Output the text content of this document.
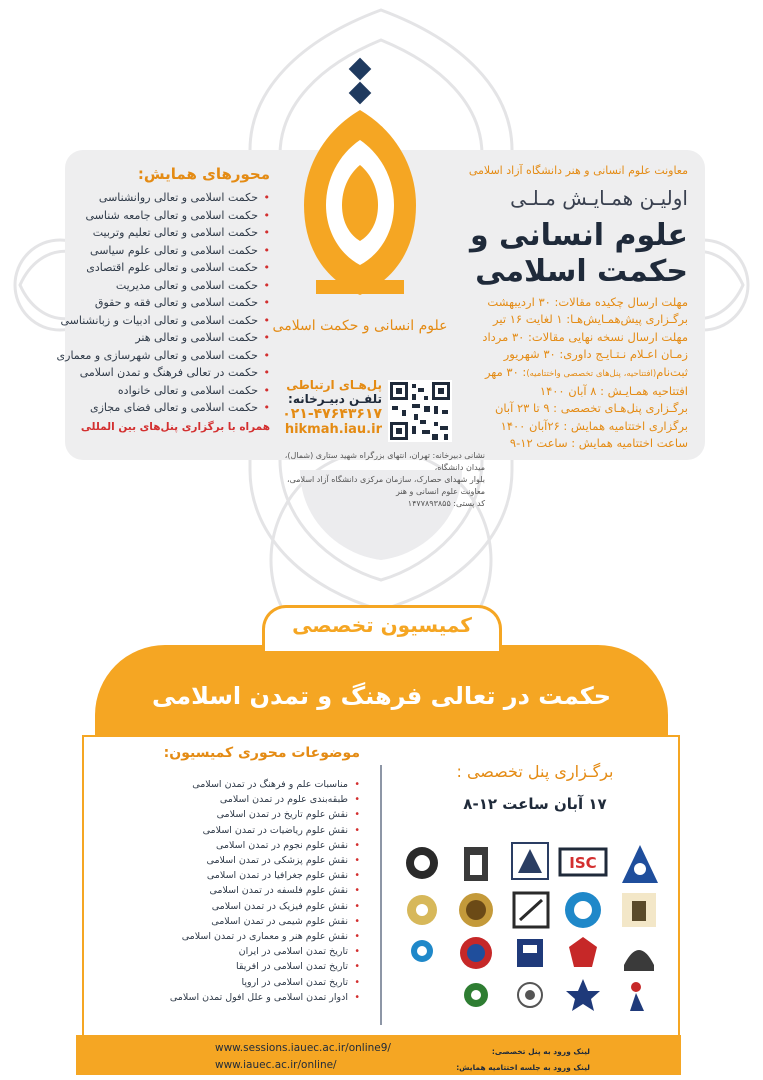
علوم انسانی و حکمت اسلامی
معاونت علوم انسانی و هنر دانشگاه آزاد اسلامی
اولیـن همـایـش مـلـی
علوم انسانی و
حکمت اسلامی
مهلت ارسال چکیده مقالات: ۳۰ اردیبهشت
برگـزاری پیش‌همـایش‌هـا: ۱ لغایت ۱۶ تیر
مهلت ارسال نسخه نهایی مقالات: ۳۰ مرداد
زمـان اعـلام نـتـایـج داوری: ۳۰ شهریور
ثبت‌نام(افتتاحیه، پنل‌های تخصصی واختتامیه): ۳۰ مهر
افتتاحیه همـایـش : ۸ آبان ۱۴۰۰
برگـزاری پنل‌هـای تخصصی : ۹ تا ۲۳ آبان
برگزاری اختتامیه همایش : ۲۶آبان ۱۴۰۰
ساعت اختتامیه همایش : ساعت ۱۲-۹
محورهای همایش:
• حکمت اسلامی و تعالی روانشناسی
• حکمت اسلامی و تعالی جامعه شناسی
• حکمت اسلامی و تعالی تعلیم وتربیت
• حکمت اسلامی و تعالی علوم سیاسی
• حکمت اسلامی و تعالی علوم اقتصادی
• حکمت اسلامی و تعالی مدیریت
• حکمت اسلامی و تعالی فقه و حقوق
• حکمت اسلامی و تعالی ادبیات و زبانشناسی
• حکمت اسلامی و تعالی هنر
• حکمت اسلامی و تعالی شهرسازی و معماری
• حکمت در تعالی فرهنگ و تمدن اسلامی
• حکمت اسلامی و تعالی خانواده
• حکمت اسلامی و تعالی فضای مجازی
همراه با برگزاری پنل‌های بین المللی
پل‌هـای ارتباطی
تلفـن دبیـرخانه:
۰۲۱-۴۷۶۴۳۶۱۷
hikmah.iau.ir
نشانی دبیرخانه: تهران، انتهای بزرگراه شهید ستاری (شمال)، میدان دانشگاه،
بلوار شهدای حصارک، سازمان مرکزی دانشگاه آزاد اسلامی،
معاونت علوم انسانی و هنر
کد پستی: ۱۴۷۷۸۹۳۸۵۵
کمیسیون تخصصی
حکمت در تعالی فرهنگ و تمدن اسلامی
موضوعات محوری کمیسیون:
• مناسبات علم و فرهنگ در تمدن اسلامی
• طبقه‌بندی علوم در تمدن اسلامی
• نقش علوم تاریخ در تمدن اسلامی
• نقش علوم ریاضیات در تمدن اسلامی
• نقش علوم نجوم در تمدن اسلامی
• نقش علوم پزشکی در تمدن اسلامی
• نقش علوم جغرافیا در تمدن اسلامی
• نقش علوم فلسفه در تمدن اسلامی
• نقش علوم فیزیک در تمدن اسلامی
• نقش علوم شیمی در تمدن اسلامی
• نقش علوم هنر و معماری در تمدن اسلامی
• تاریخ تمدن اسلامی در ایران
• تاریخ تمدن اسلامی در افریقا
• تاریخ تمدن اسلامی در اروپا
• ادوار تمدن اسلامی و علل افول تمدن اسلامی
برگـزاری پنل تخصصی :
۱۷ آبان ساعت ۱۲-۸
ISC
www.sessions.iauec.ac.ir/online9/
www.iauec.ac.ir/online/
لینک ورود به پنل تخصصی:
لینک ورود به جلسه اختتامیه همایش:
